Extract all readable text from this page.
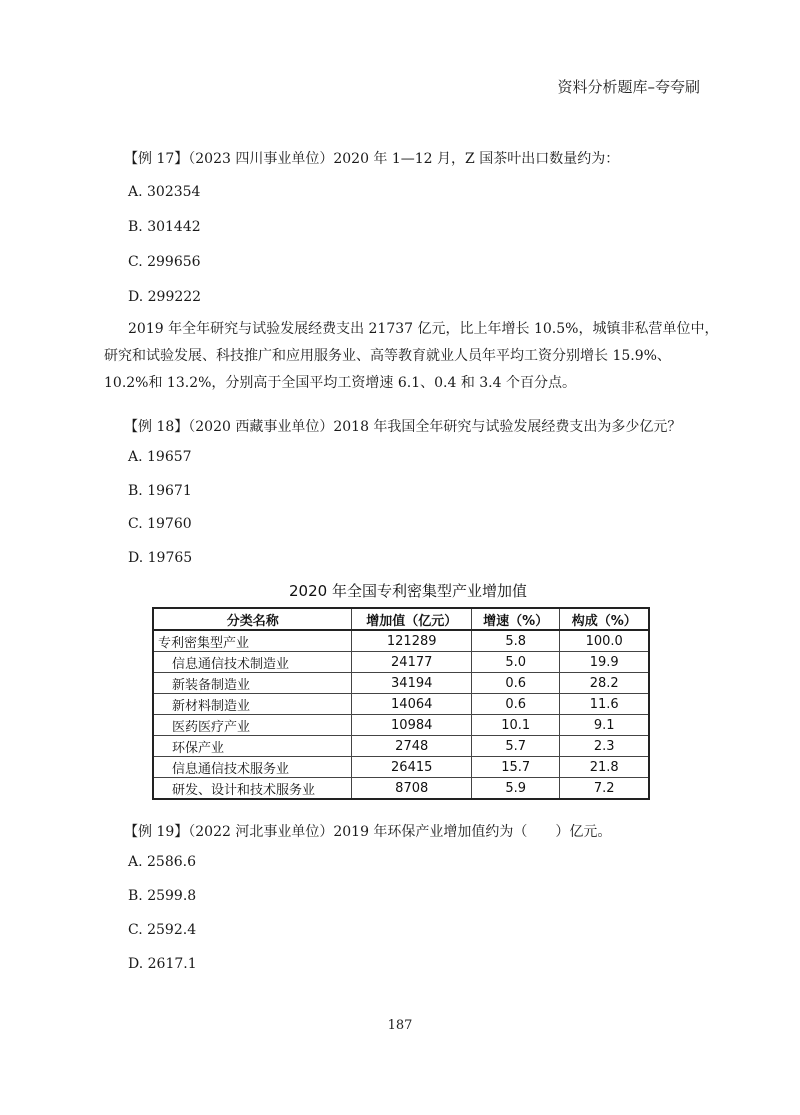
资料分析题库–夸夸刷
【例 17】（2023 四川事业单位）2020 年 1—12 月，Z 国茶叶出口数量约为：
A. 302354
B. 301442
C. 299656
D. 299222
2019 年全年研究与试验发展经费支出 21737 亿元，比上年增长 10.5%，城镇非私营单位中，
研究和试验发展、科技推广和应用服务业、高等教育就业人员年平均工资分别增长 15.9%、
10.2%和 13.2%，分别高于全国平均工资增速 6.1、0.4 和 3.4 个百分点。
【例 18】（2020 西藏事业单位）2018 年我国全年研究与试验发展经费支出为多少亿元？
A. 19657
B. 19671
C. 19760
D. 19765
2020 年全国专利密集型产业增加值
分类名称	增加值（亿元）	增速（%）	构成（%）
专利密集型产业	121289	5.8	100.0
信息通信技术制造业	24177	5.0	19.9
新装备制造业	34194	0.6	28.2
新材料制造业	14064	0.6	11.6
医药医疗产业	10984	10.1	9.1
环保产业	2748	5.7	2.3
信息通信技术服务业	26415	15.7	21.8
研发、设计和技术服务业	8708	5.9	7.2
【例 19】（2022 河北事业单位）2019 年环保产业增加值约为（　　）亿元。
A. 2586.6
B. 2599.8
C. 2592.4
D. 2617.1
187
